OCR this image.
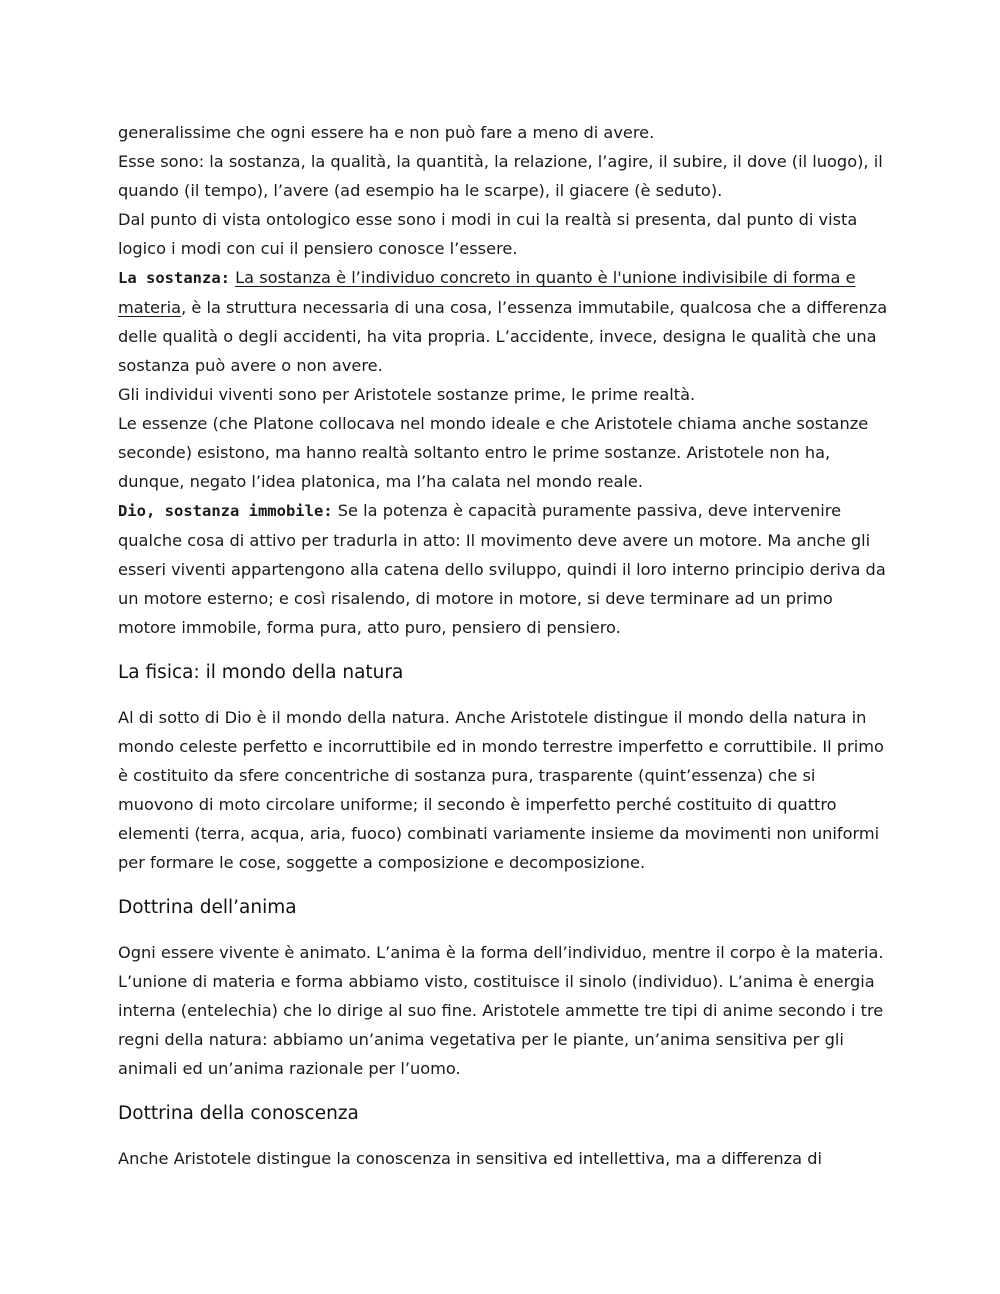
generalissime che ogni essere ha e non può fare a meno di avere.

Esse sono: la sostanza, la qualità, la quantità, la relazione, l’agire, il subire, il dove (il luogo), il quando (il tempo), l’avere (ad esempio ha le scarpe), il giacere (è seduto).

Dal punto di vista ontologico esse sono i modi in cui la realtà si presenta, dal punto di vista logico i modi con cui il pensiero conosce l’essere.

La sostanza: La sostanza è l’individuo concreto in quanto è l'unione indivisibile di forma e materia, è la struttura necessaria di una cosa, l’essenza immutabile, qualcosa che a differenza delle qualità o degli accidenti, ha vita propria. L’accidente, invece, designa le qualità che una sostanza può avere o non avere.

Gli individui viventi sono per Aristotele sostanze prime, le prime realtà.

Le essenze (che Platone collocava nel mondo ideale e che Aristotele chiama anche sostanze seconde) esistono, ma hanno realtà soltanto entro le prime sostanze. Aristotele non ha, dunque, negato l’idea platonica, ma l’ha calata nel mondo reale.

Dio, sostanza immobile: Se la potenza è capacità puramente passiva, deve intervenire qualche cosa di attivo per tradurla in atto: Il movimento deve avere un motore. Ma anche gli esseri viventi appartengono alla catena dello sviluppo, quindi il loro interno principio deriva da un motore esterno; e così risalendo, di motore in motore, si deve terminare ad un primo motore immobile, forma pura, atto puro, pensiero di pensiero.

La fisica: il mondo della natura

Al di sotto di Dio è il mondo della natura. Anche Aristotele distingue il mondo della natura in mondo celeste perfetto e incorruttibile ed in mondo terrestre imperfetto e corruttibile. Il primo è costituito da sfere concentriche di sostanza pura, trasparente (quint’essenza) che si muovono di moto circolare uniforme; il secondo è imperfetto perché costituito di quattro elementi (terra, acqua, aria, fuoco) combinati variamente insieme da movimenti non uniformi per formare le cose, soggette a composizione e decomposizione.

Dottrina dell’anima

Ogni essere vivente è animato. L’anima è la forma dell’individuo, mentre il corpo è la materia. L’unione di materia e forma abbiamo visto, costituisce il sinolo (individuo). L’anima è energia interna (entelechia) che lo dirige al suo fine. Aristotele ammette tre tipi di anime secondo i tre regni della natura: abbiamo un’anima vegetativa per le piante, un’anima sensitiva per gli animali ed un’anima razionale per l’uomo.

Dottrina della conoscenza

Anche Aristotele distingue la conoscenza in sensitiva ed intellettiva, ma a differenza di
